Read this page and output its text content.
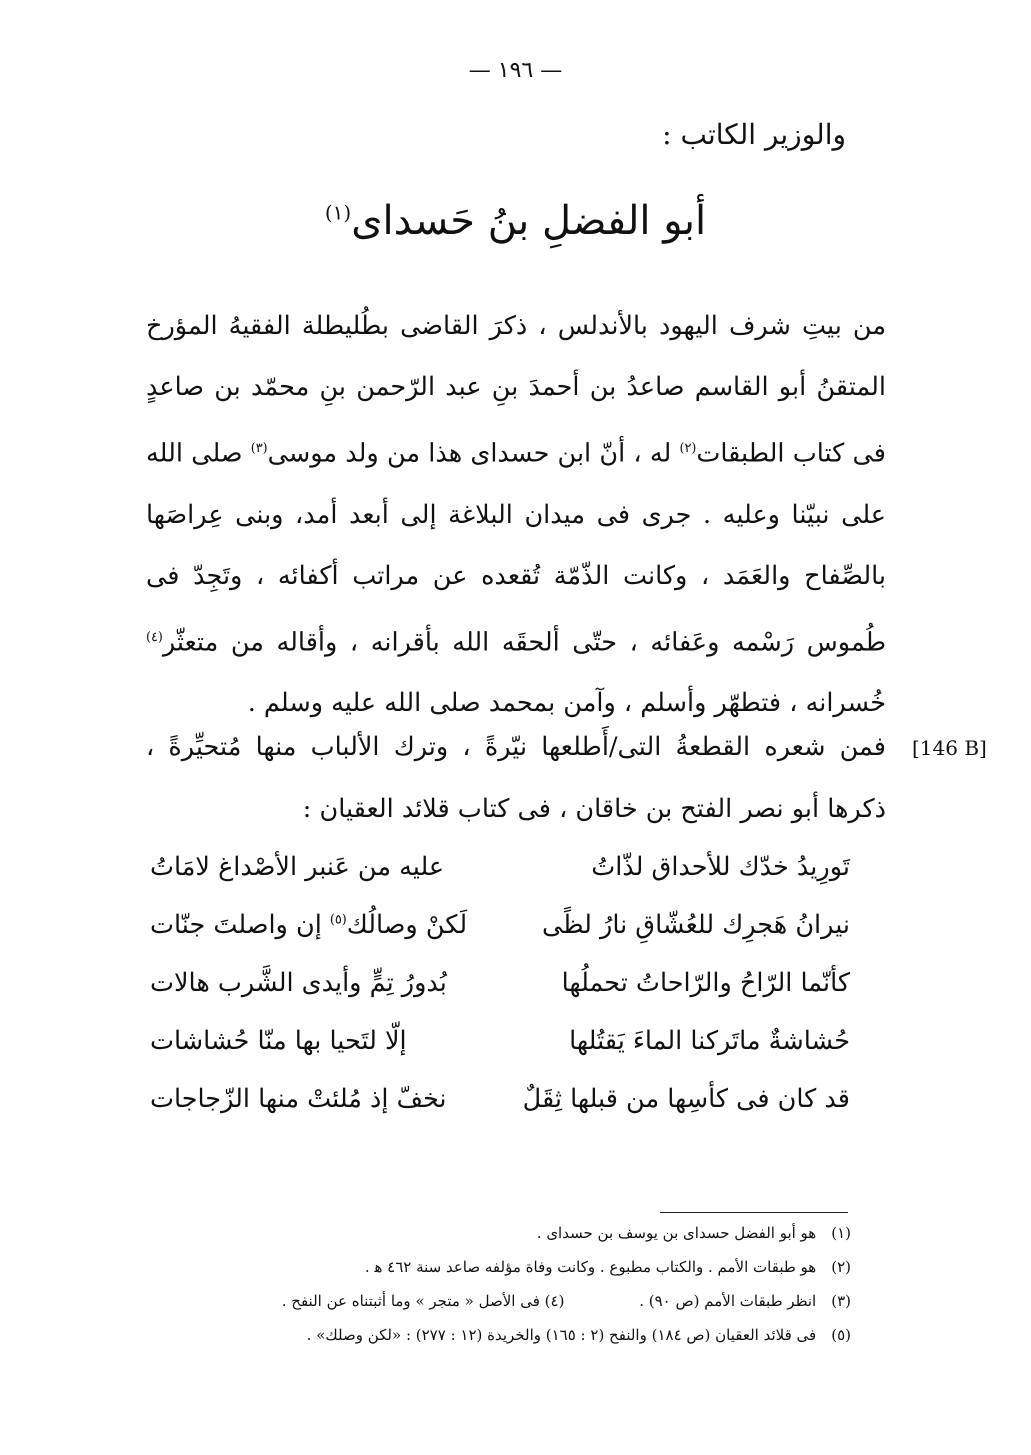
— ١٩٦ —
والوزير الكاتب :
أبو الفضلِ بنُ حَسداى$^{(١)}$
من بيتِ شرف اليهود بالأندلس ، ذكرَ القاضى بطُليطلة الفقيهُ المؤرخ المتقنُ أبو القاسم صاعدُ بن أحمدَ بنِ عبد الرّحمن بنِ محمّد بن صاعدٍ فى كتاب الطبقات$^{(٢)}$ له ، أنّ ابن حسداى هذا من ولد موسى$^{(٣)}$ صلى الله على نبيّنا وعليه . جرى فى ميدان البلاغة إلى أبعد أمد، وبنى عِراصَها بالصِّفاح والعَمَد ، وكانت الذّمّة تُقعده عن مراتب أكفائه ، وتَجِدّ فى طُموس رَسْمه وعَفائه ، حتّى ألحقَه الله بأقرانه ، وأقاله من متعثّر$^{(٤)}$ خُسرانه ، فتطهّر وأسلم ، وآمن بمحمد صلى الله عليه وسلم .
[146 B]
فمن شعره القطعةُ التى/أَطلعها نيّرةً ، وترك الألباب منها مُتحيِّرةً ، ذكرها أبو نصر الفتح بن خاقان ، فى كتاب قلائد العقيان :
تَورِيدُ خدّك للأحداق لذّاتُ
عليه من عَنبر الأصْداغ لامَاتُ
نيرانُ هَجرِك للعُشّاقِ نارُ لظًى
لَكنْ وصالُك$^{(٥)}$ إن واصلتَ جنّات
كأنّما الرّاحُ والرّاحاتُ تحملُها
بُدورُ تِمٍّ وأيدى الشَّرب هالات
حُشاشةٌ ماتَركنا الماءَ يَقتُلها
إلّا لتَحيا بها منّا حُشاشات
قد كان فى كأسِها من قبلها ثِقَلٌ
نخفّ إذ مُلئتْ منها الزّجاجات
(١) هو أبو الفضل حسداى بن يوسف بن حسداى .
(٢) هو طبقات الأمم . والكتاب مطبوع . وكانت وفاة مؤلفه صاعد سنة ٤٦٢ ﻫ .
(٣) انظر طبقات الأمم (ص ٩٠) . (٤) فى الأصل « متجر » وما أثبتناه عن النفح .
(٥) فى قلائد العقيان (ص ١٨٤) والنفح (٢ : ١٦٥) والخريدة (١٢ : ٢٧٧) : «لكن وصلك» .
